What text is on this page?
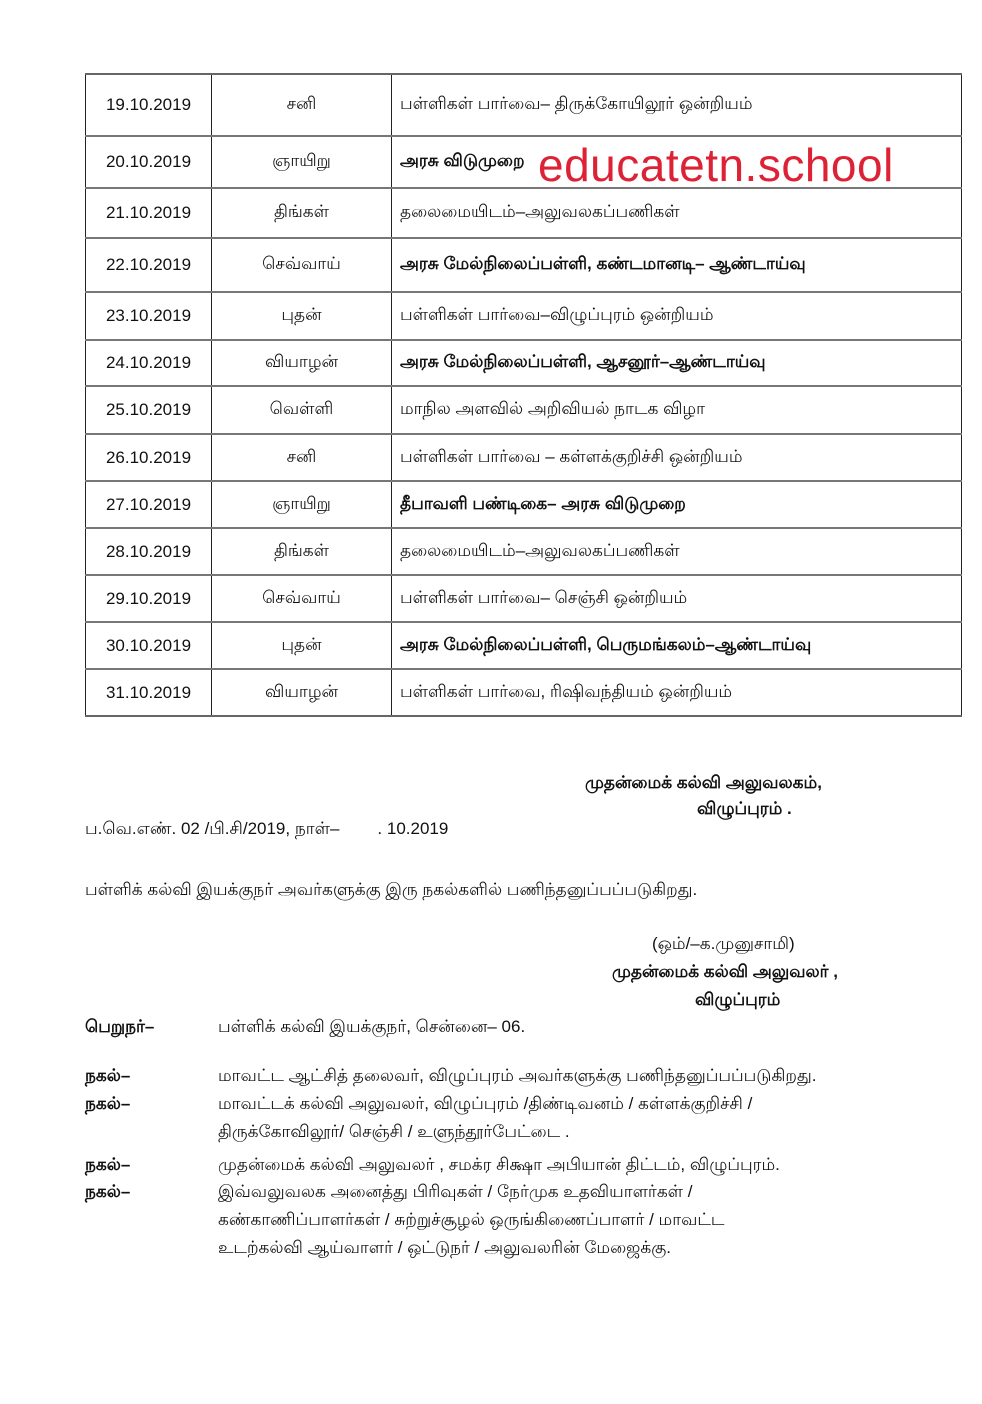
19.10.2019	சனி	பள்ளிகள் பார்வை– திருக்கோயிலூர் ஒன்றியம்
20.10.2019	ஞாயிறு	அரசு விடுமுறை
21.10.2019	திங்கள்	தலைமையிடம்–அலுவலகப்பணிகள்
22.10.2019	செவ்வாய்	அரசு மேல்நிலைப்பள்ளி, கண்டமானடி– ஆண்டாய்வு
23.10.2019	புதன்	பள்ளிகள் பார்வை–விழுப்புரம் ஒன்றியம்
24.10.2019	வியாழன்	அரசு மேல்நிலைப்பள்ளி, ஆசனூர்–ஆண்டாய்வு
25.10.2019	வெள்ளி	மாநில அளவில் அறிவியல் நாடக விழா
26.10.2019	சனி	பள்ளிகள் பார்வை – கள்ளக்குறிச்சி ஒன்றியம்
27.10.2019	ஞாயிறு	தீபாவளி பண்டிகை– அரசு விடுமுறை
28.10.2019	திங்கள்	தலைமையிடம்–அலுவலகப்பணிகள்
29.10.2019	செவ்வாய்	பள்ளிகள் பார்வை– செஞ்சி ஒன்றியம்
30.10.2019	புதன்	அரசு மேல்நிலைப்பள்ளி, பெருமங்கலம்–ஆண்டாய்வு
31.10.2019	வியாழன்	பள்ளிகள் பார்வை, ரிஷிவந்தியம் ஒன்றியம்
educatetn.school
முதன்மைக் கல்வி அலுவலகம்,
விழுப்புரம் .
ப.வெ.எண். 02 /பி.சி/2019, நாள்– . 10.2019
பள்ளிக் கல்வி இயக்குநர் அவர்களுக்கு இரு நகல்களில் பணிந்தனுப்பப்படுகிறது.
(ஒம்/–க.முனுசாமி)
முதன்மைக் கல்வி அலுவலர் ,
விழுப்புரம்
பெறுநர்–	பள்ளிக் கல்வி இயக்குநர், சென்னை– 06.
நகல்–	மாவட்ட ஆட்சித் தலைவர், விழுப்புரம் அவர்களுக்கு பணிந்தனுப்பப்படுகிறது.
நகல்–	மாவட்டக் கல்வி அலுவலர், விழுப்புரம் /திண்டிவனம் / கள்ளக்குறிச்சி /
திருக்கோவிலூர்/ செஞ்சி / உளுந்தூர்பேட்டை .
நகல்–	முதன்மைக் கல்வி அலுவலர் , சமக்ர சிக்ஷா அபியான் திட்டம், விழுப்புரம்.
நகல்–	இவ்வலுவலக அனைத்து பிரிவுகள் / நேர்முக உதவியாளர்கள் /
கண்காணிப்பாளர்கள் / சுற்றுச்சூழல் ஒருங்கிணைப்பாளர் / மாவட்ட
உடற்கல்வி ஆய்வாளர் / ஒட்டுநர் / அலுவலரின் மேஜைக்கு.
